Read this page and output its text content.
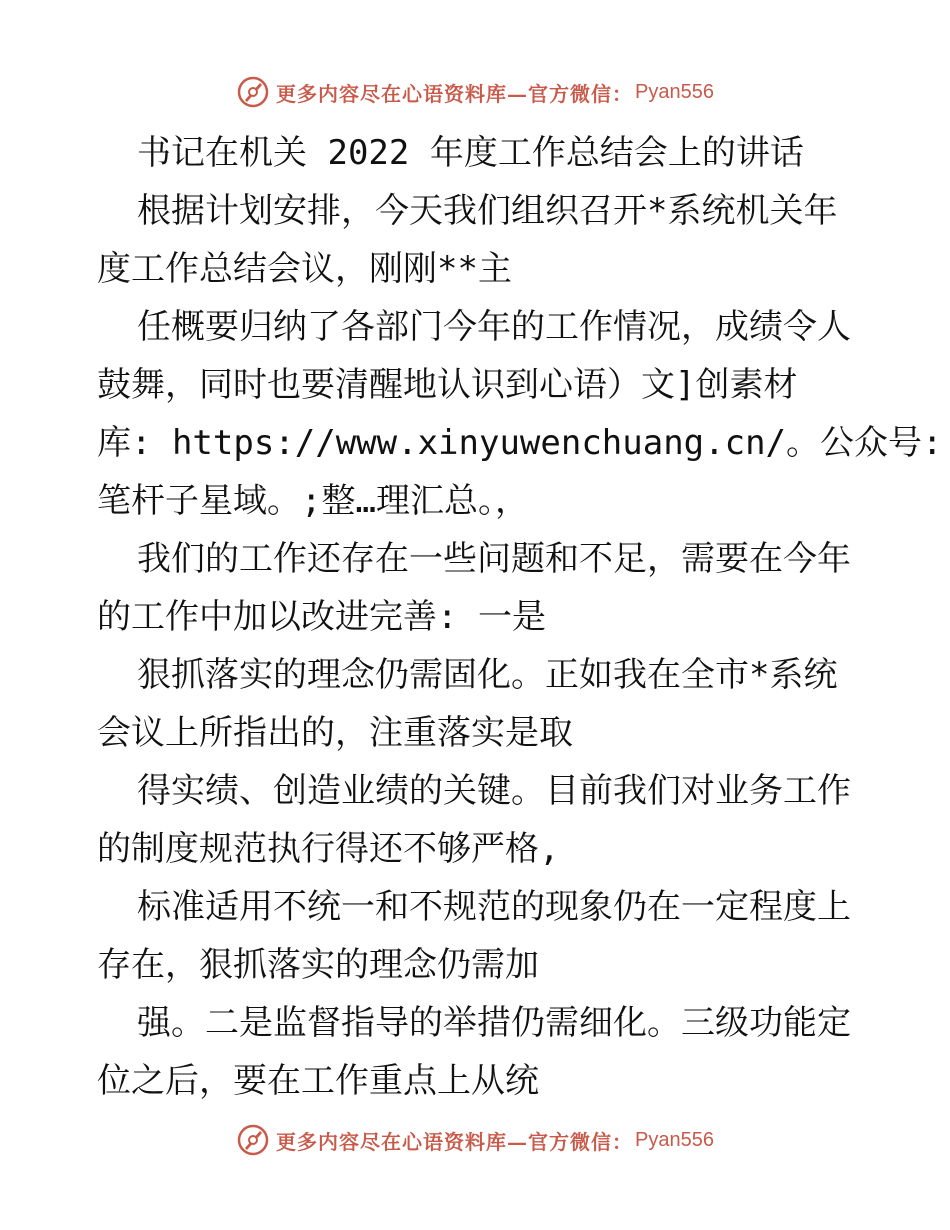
更多内容尽在心语资料库—官方微信： Pyan556
书记在机关 2022 年度工作总结会上的讲话
根据计划安排，今天我们组织召开*系统机关年
度工作总结会议，刚刚**主
任概要归纳了各部门今年的工作情况，成绩令人
鼓舞，同时也要清醒地认识到心语）文]创素材
库: https://www.xinyuwenchuang.cn/。公众号:
笔杆子星域。;整…理汇总。，
我们的工作还存在一些问题和不足，需要在今年
的工作中加以改进完善: 一是
狠抓落实的理念仍需固化。正如我在全市*系统
会议上所指出的，注重落实是取
得实绩、创造业绩的关键。目前我们对业务工作
的制度规范执行得还不够严格,
标准适用不统一和不规范的现象仍在一定程度上
存在，狠抓落实的理念仍需加
强。二是监督指导的举措仍需细化。三级功能定
位之后，要在工作重点上从统
更多内容尽在心语资料库—官方微信： Pyan556
